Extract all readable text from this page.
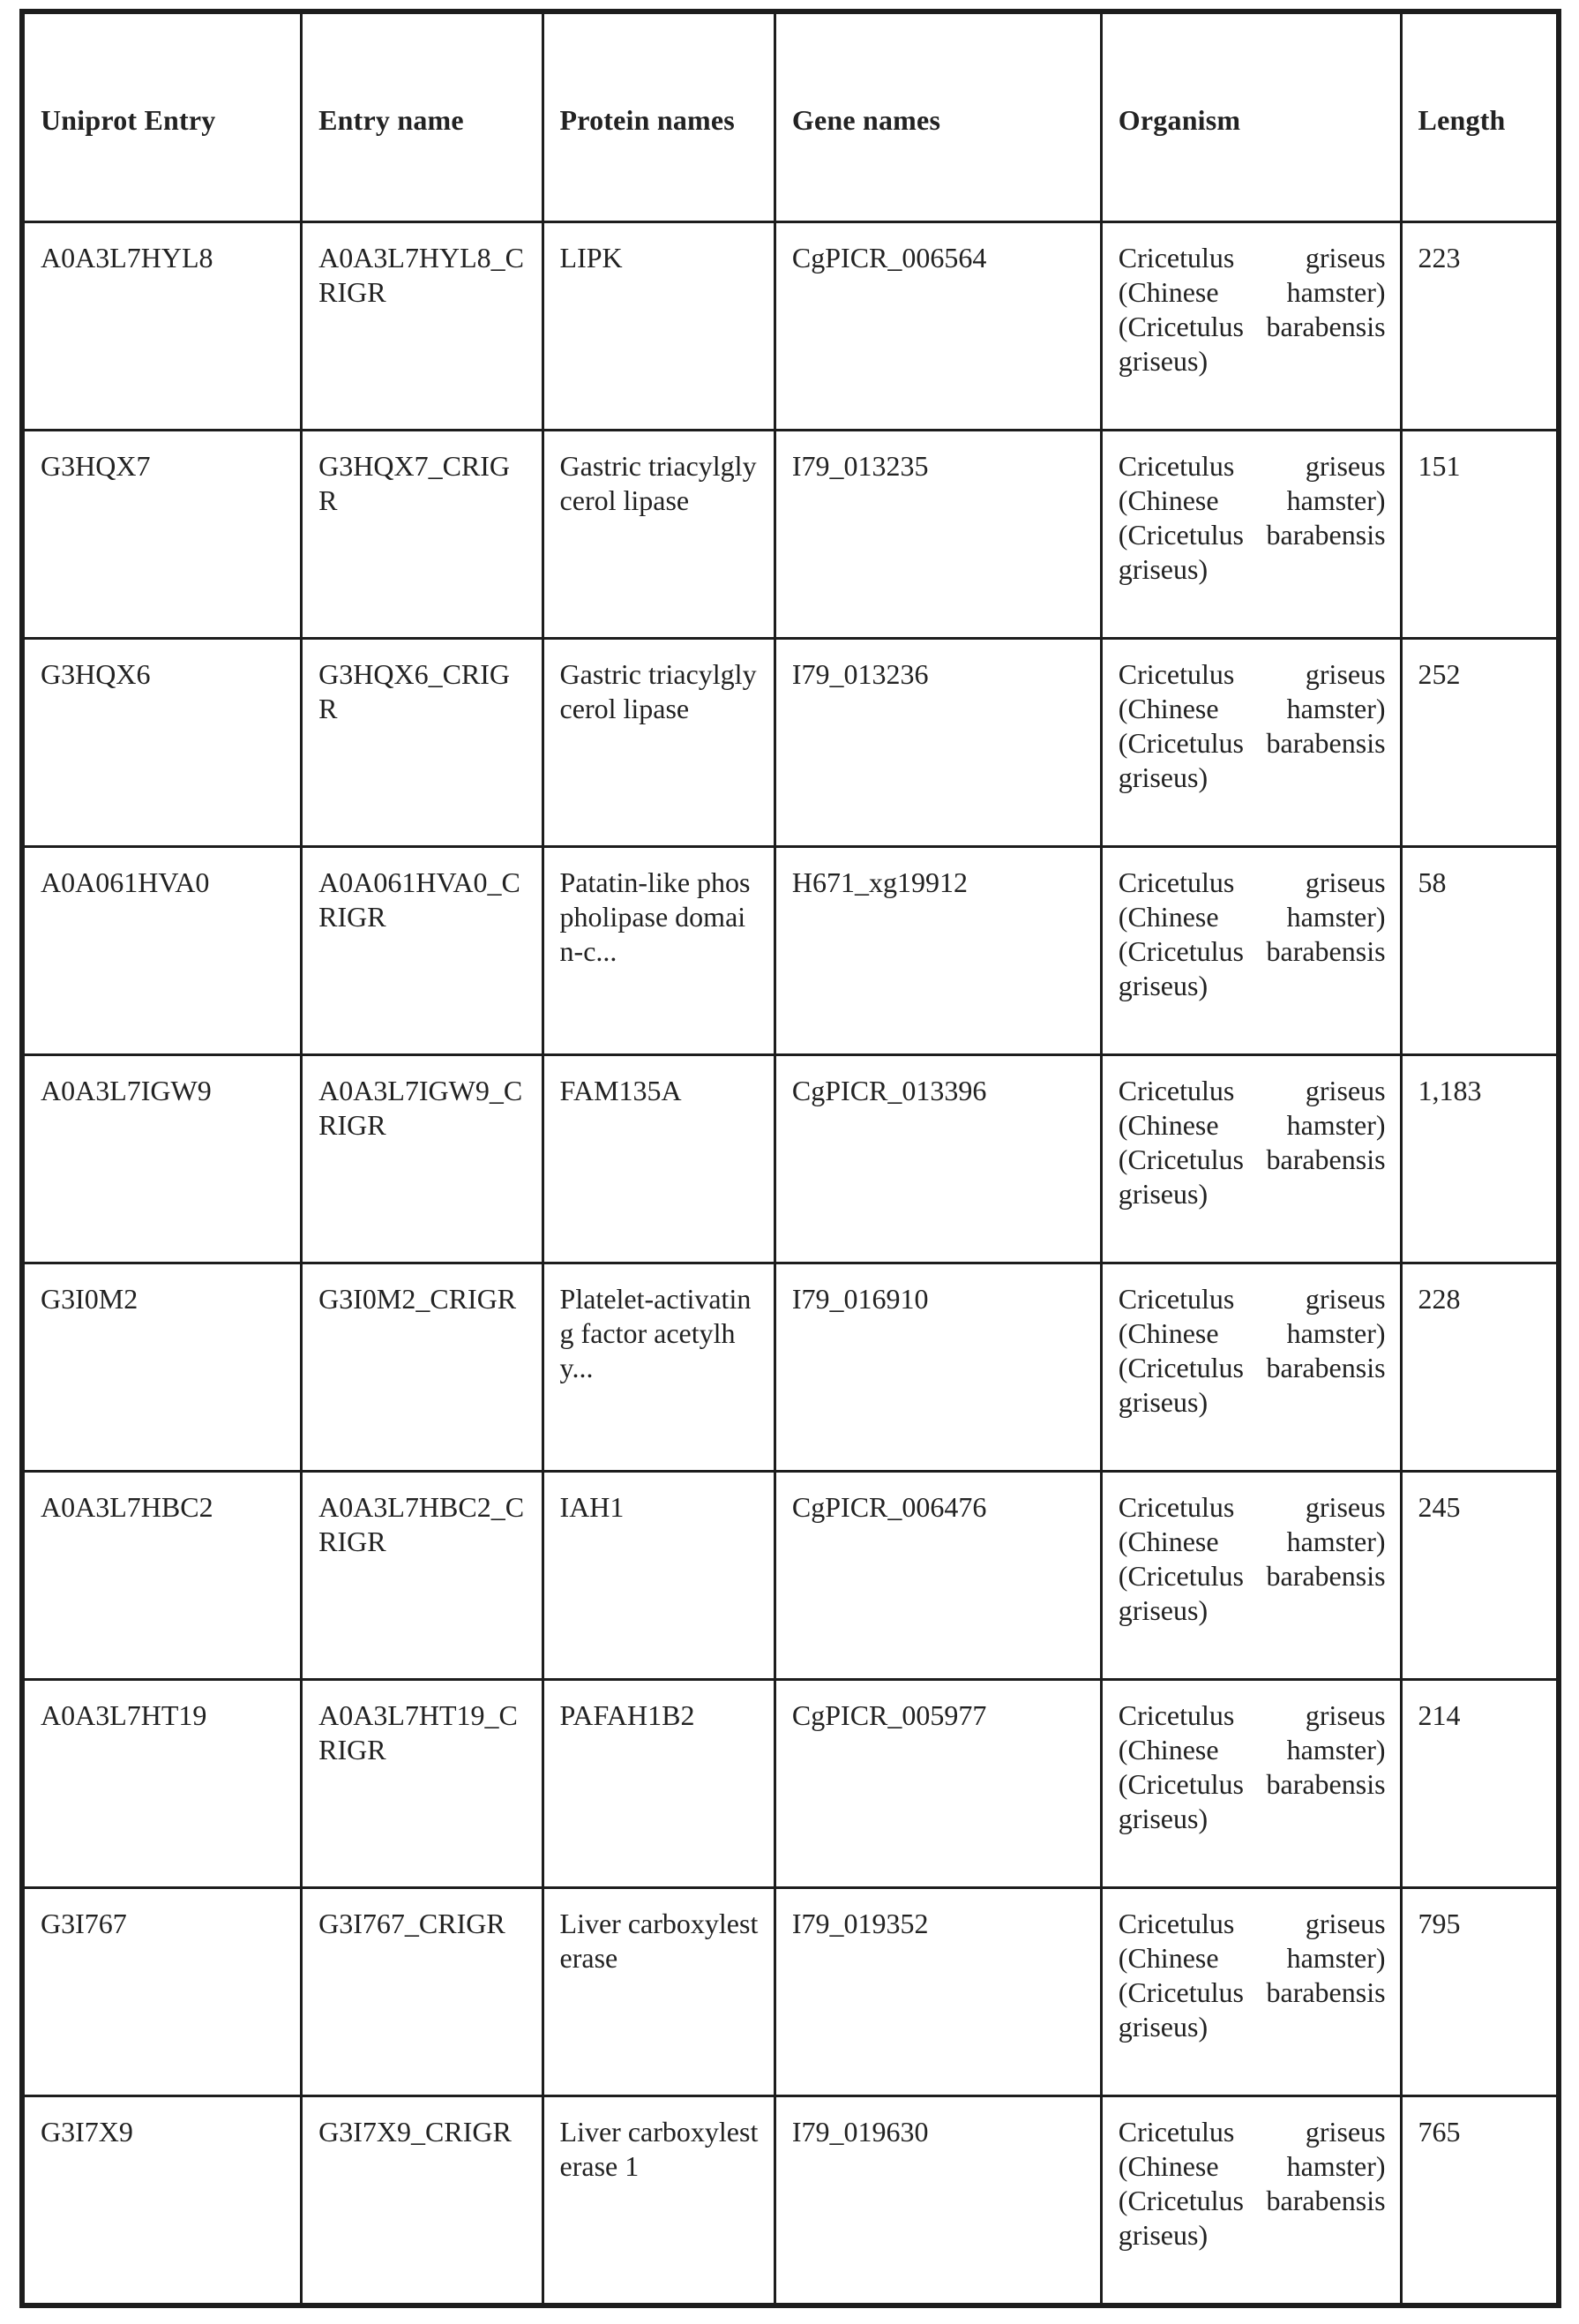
Uniprot Entry	Entry name	Protein names	Gene names	Organism	Length
A0A3L7HYL8	A0A3L7HYL8_CRIGR	LIPK	CgPICR_006564	Cricetulus griseus (Chinese hamster) (Cricetulus barabensis griseus)	223
G3HQX7	G3HQX7_CRIGR	Gastric triacylglycerol lipase	I79_013235	Cricetulus griseus (Chinese hamster) (Cricetulus barabensis griseus)	151
G3HQX6	G3HQX6_CRIGR	Gastric triacylglycerol lipase	I79_013236	Cricetulus griseus (Chinese hamster) (Cricetulus barabensis griseus)	252
A0A061HVA0	A0A061HVA0_CRIGR	Patatin-like phospholipase domain-c...	H671_xg19912	Cricetulus griseus (Chinese hamster) (Cricetulus barabensis griseus)	58
A0A3L7IGW9	A0A3L7IGW9_CRIGR	FAM135A	CgPICR_013396	Cricetulus griseus (Chinese hamster) (Cricetulus barabensis griseus)	1,183
G3I0M2	G3I0M2_CRIGR	Platelet-activating factor acetylhy...	I79_016910	Cricetulus griseus (Chinese hamster) (Cricetulus barabensis griseus)	228
A0A3L7HBC2	A0A3L7HBC2_CRIGR	IAH1	CgPICR_006476	Cricetulus griseus (Chinese hamster) (Cricetulus barabensis griseus)	245
A0A3L7HT19	A0A3L7HT19_CRIGR	PAFAH1B2	CgPICR_005977	Cricetulus griseus (Chinese hamster) (Cricetulus barabensis griseus)	214
G3I767	G3I767_CRIGR	Liver carboxylesterase	I79_019352	Cricetulus griseus (Chinese hamster) (Cricetulus barabensis griseus)	795
G3I7X9	G3I7X9_CRIGR	Liver carboxylesterase 1	I79_019630	Cricetulus griseus (Chinese hamster) (Cricetulus barabensis griseus)	765
